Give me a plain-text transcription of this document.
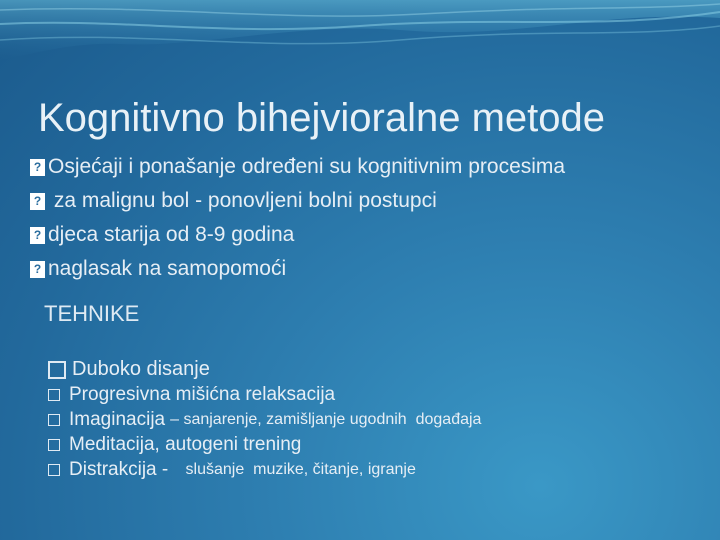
Kognitivno bihejvioralne metode
?
Osjećaji i ponašanje određeni su kognitivnim procesima
?
za malignu bol - ponovljeni bolni postupci
?
djeca starija od 8-9 godina
?
naglasak na samopomoći
TEHNIKE
Duboko disanje
Progresivna mišićna relaksacija
Imaginacija – sanjarenje, zamišljanje ugodnih  događaja
Meditacija, autogeni trening
Distrakcija - slušanje  muzike, čitanje, igranje
